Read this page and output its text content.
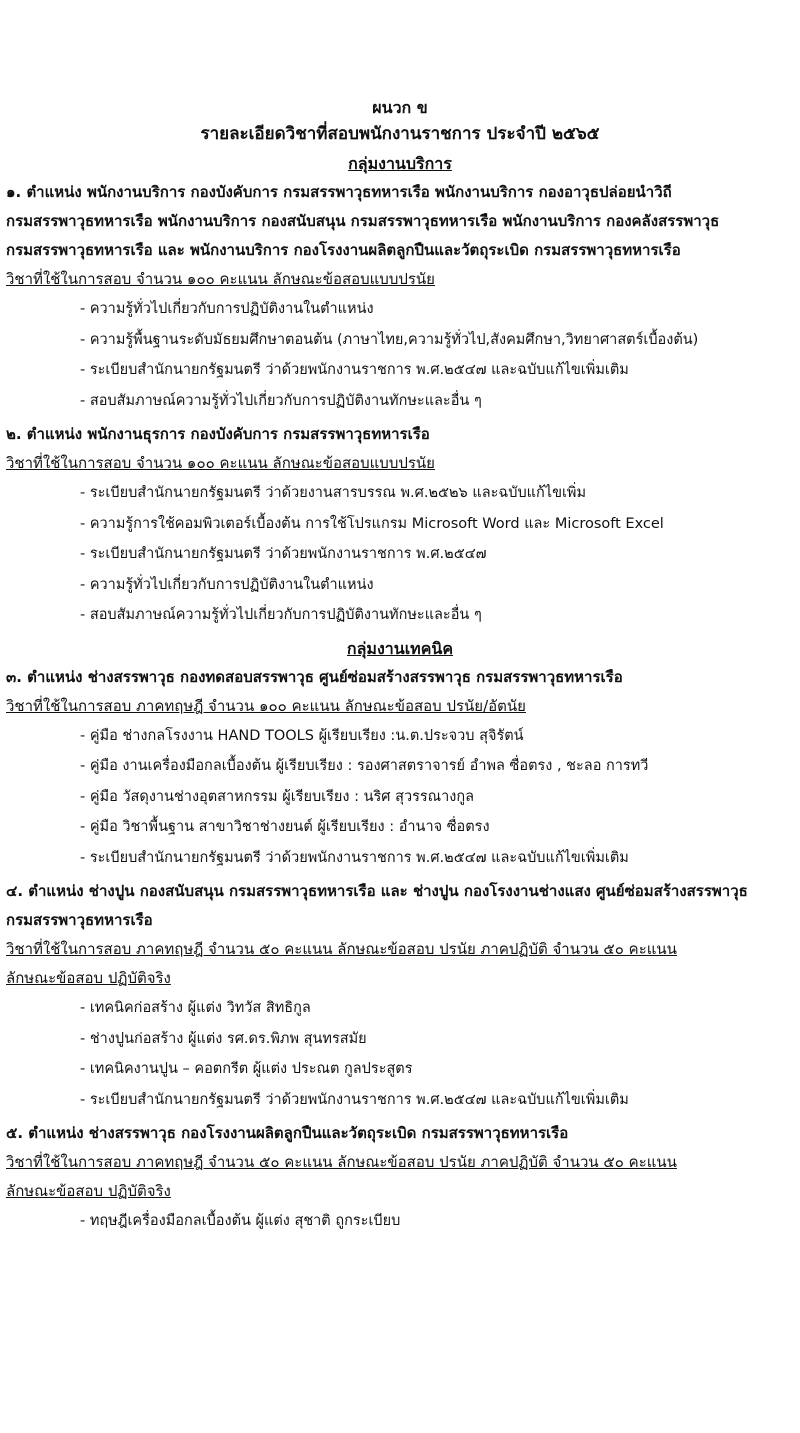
ผนวก ข

รายละเอียดวิชาที่สอบพนักงานราชการ ประจำปี ๒๕๖๕

กลุ่มงานบริการ

๑. ตำแหน่ง พนักงานบริการ กองบังคับการ กรมสรรพาวุธทหารเรือ พนักงานบริการ กองอาวุธปล่อยนำวิถี

กรมสรรพาวุธทหารเรือ พนักงานบริการ กองสนับสนุน กรมสรรพาวุธทหารเรือ พนักงานบริการ กองคลังสรรพาวุธ

กรมสรรพาวุธทหารเรือ และ พนักงานบริการ กองโรงงานผลิตลูกปืนและวัตถุระเบิด กรมสรรพาวุธทหารเรือ

วิชาที่ใช้ในการสอบ จำนวน ๑๐๐ คะแนน ลักษณะข้อสอบแบบปรนัย

- ความรู้ทั่วไปเกี่ยวกับการปฏิบัติงานในตำแหน่ง
- ความรู้พื้นฐานระดับมัธยมศึกษาตอนต้น (ภาษาไทย,ความรู้ทั่วไป,สังคมศึกษา,วิทยาศาสตร์เบื้องต้น)
- ระเบียบสำนักนายกรัฐมนตรี ว่าด้วยพนักงานราชการ พ.ศ.๒๕๔๗ และฉบับแก้ไขเพิ่มเติม
- สอบสัมภาษณ์ความรู้ทั่วไปเกี่ยวกับการปฏิบัติงานทักษะและอื่น ๆ

๒. ตำแหน่ง พนักงานธุรการ กองบังคับการ กรมสรรพาวุธทหารเรือ

วิชาที่ใช้ในการสอบ จำนวน ๑๐๐ คะแนน ลักษณะข้อสอบแบบปรนัย

- ระเบียบสำนักนายกรัฐมนตรี ว่าด้วยงานสารบรรณ พ.ศ.๒๕๒๖ และฉบับแก้ไขเพิ่ม
- ความรู้การใช้คอมพิวเตอร์เบื้องต้น การใช้โปรแกรม Microsoft Word และ Microsoft Excel
- ระเบียบสำนักนายกรัฐมนตรี ว่าด้วยพนักงานราชการ พ.ศ.๒๕๔๗
- ความรู้ทั่วไปเกี่ยวกับการปฏิบัติงานในตำแหน่ง
- สอบสัมภาษณ์ความรู้ทั่วไปเกี่ยวกับการปฏิบัติงานทักษะและอื่น ๆ

กลุ่มงานเทคนิค

๓. ตำแหน่ง ช่างสรรพาวุธ กองทดสอบสรรพาวุธ ศูนย์ซ่อมสร้างสรรพาวุธ กรมสรรพาวุธทหารเรือ

วิชาที่ใช้ในการสอบ ภาคทฤษฎี จำนวน ๑๐๐ คะแนน ลักษณะข้อสอบ ปรนัย/อัตนัย

- คู่มือ ช่างกลโรงงาน HAND TOOLS ผู้เรียบเรียง :น.ต.ประจวบ สุจิรัตน์
- คู่มือ งานเครื่องมือกลเบื้องต้น ผู้เรียบเรียง : รองศาสตราจารย์ อำพล ซื่อตรง , ชะลอ การทวี
- คู่มือ วัสดุงานช่างอุตสาหกรรม ผู้เรียบเรียง : นริศ สุวรรณางกูล
- คู่มือ วิชาพื้นฐาน สาขาวิชาช่างยนต์ ผู้เรียบเรียง : อำนาจ ซื่อตรง
- ระเบียบสำนักนายกรัฐมนตรี ว่าด้วยพนักงานราชการ พ.ศ.๒๕๔๗ และฉบับแก้ไขเพิ่มเติม

๔. ตำแหน่ง ช่างปูน กองสนับสนุน กรมสรรพาวุธทหารเรือ และ ช่างปูน กองโรงงานช่างแสง ศูนย์ซ่อมสร้างสรรพาวุธ

กรมสรรพาวุธทหารเรือ

วิชาที่ใช้ในการสอบ ภาคทฤษฎี จำนวน ๕๐ คะแนน ลักษณะข้อสอบ ปรนัย ภาคปฏิบัติ จำนวน ๕๐ คะแนน

ลักษณะข้อสอบ ปฏิบัติจริง

- เทคนิคก่อสร้าง ผู้แต่ง วิทวัส สิทธิกูล
- ช่างปูนก่อสร้าง ผู้แต่ง รศ.ดร.พิภพ สุนทรสมัย
- เทคนิคงานปูน – คอตกรีต ผู้แต่ง ประณต กูลประสูตร
- ระเบียบสำนักนายกรัฐมนตรี ว่าด้วยพนักงานราชการ พ.ศ.๒๕๔๗ และฉบับแก้ไขเพิ่มเติม

๕. ตำแหน่ง ช่างสรรพาวุธ กองโรงงานผลิตลูกปืนและวัตถุระเบิด กรมสรรพาวุธทหารเรือ

วิชาที่ใช้ในการสอบ ภาคทฤษฎี จำนวน ๕๐ คะแนน ลักษณะข้อสอบ ปรนัย ภาคปฏิบัติ จำนวน ๕๐ คะแนน

ลักษณะข้อสอบ ปฏิบัติจริง

- ทฤษฎีเครื่องมือกลเบื้องต้น ผู้แต่ง สุชาติ ถูกระเบียบ
